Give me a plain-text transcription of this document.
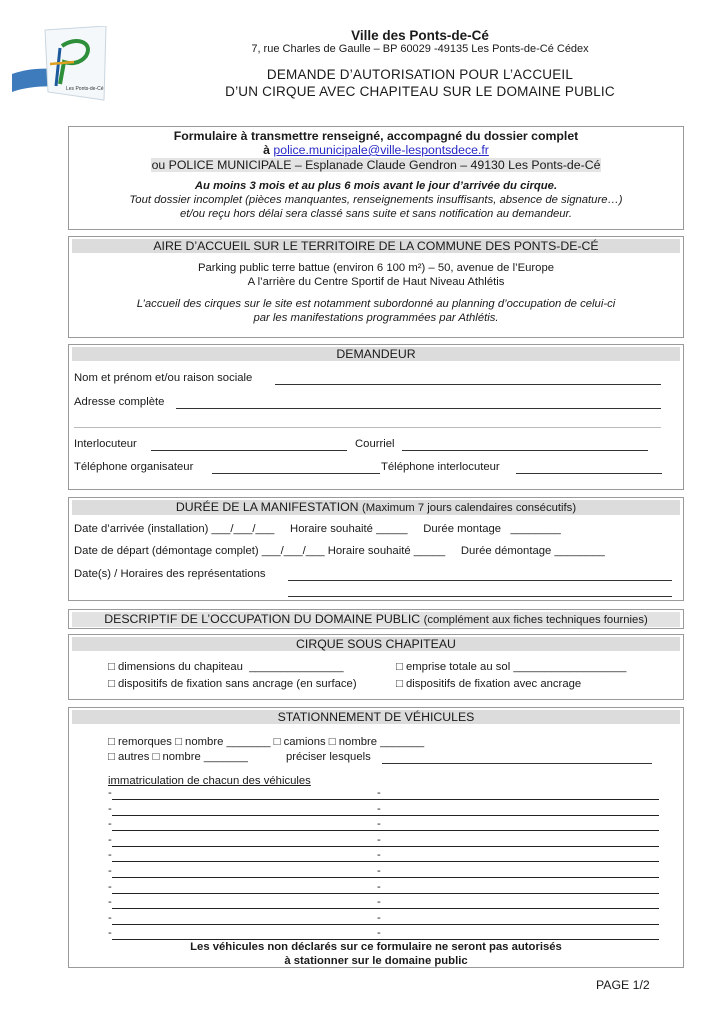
Les Ponts-de-Cé
Ville des Ponts-de-Cé
7, rue Charles de Gaulle – BP 60029 -49135 Les Ponts-de-Cé Cédex
DEMANDE D’AUTORISATION POUR L’ACCUEIL
D’UN CIRQUE AVEC CHAPITEAU SUR LE DOMAINE PUBLIC
Formulaire à transmettre renseigné, accompagné du dossier complet
à police.municipale@ville-lespontsdece.fr
ou POLICE MUNICIPALE – Esplanade Claude Gendron – 49130 Les Ponts-de-Cé
Au moins 3 mois et au plus 6 mois avant le jour d’arrivée du cirque.
Tout dossier incomplet (pièces manquantes, renseignements insuffisants, absence de signature…)
et/ou reçu hors délai sera classé sans suite et sans notification au demandeur.
AIRE D’ACCUEIL SUR LE TERRITOIRE DE LA COMMUNE DES PONTS-DE-CÉ
Parking public terre battue (environ 6 100 m²) – 50, avenue de l’Europe
A l’arrière du Centre Sportif de Haut Niveau Athlétis
L’accueil des cirques sur le site est notamment subordonné au planning d’occupation de celui-ci
par les manifestations programmées par Athlétis.
DEMANDEUR
Nom et prénom et/ou raison sociale
Adresse complète
Interlocuteur	Courriel
Téléphone organisateur	Téléphone interlocuteur
DURÉE DE LA MANIFESTATION (Maximum 7 jours calendaires consécutifs)
Date d’arrivée (installation) ___/___/___ Horaire souhaité _____ Durée montage ________
Date de départ (démontage complet) ___/___/___ Horaire souhaité _____ Durée démontage ________
Date(s) / Horaires des représentations
DESCRIPTIF DE L’OCCUPATION DU DOMAINE PUBLIC (complément aux fiches techniques fournies)
CIRQUE SOUS CHAPITEAU
□ dimensions du chapiteau _______________	□ emprise totale au sol __________________
□ dispositifs de fixation sans ancrage (en surface)	□ dispositifs de fixation avec ancrage
STATIONNEMENT DE VÉHICULES
□ remorques □ nombre _______ □ camions □ nombre _______
□ autres □ nombre _______	préciser lesquels
immatriculation de chacun des véhicules
-	-
-	-
-	-
-	-
-	-
-	-
-	-
-	-
-	-
-	-
Les véhicules non déclarés sur ce formulaire ne seront pas autorisés
à stationner sur le domaine public
PAGE 1/2
